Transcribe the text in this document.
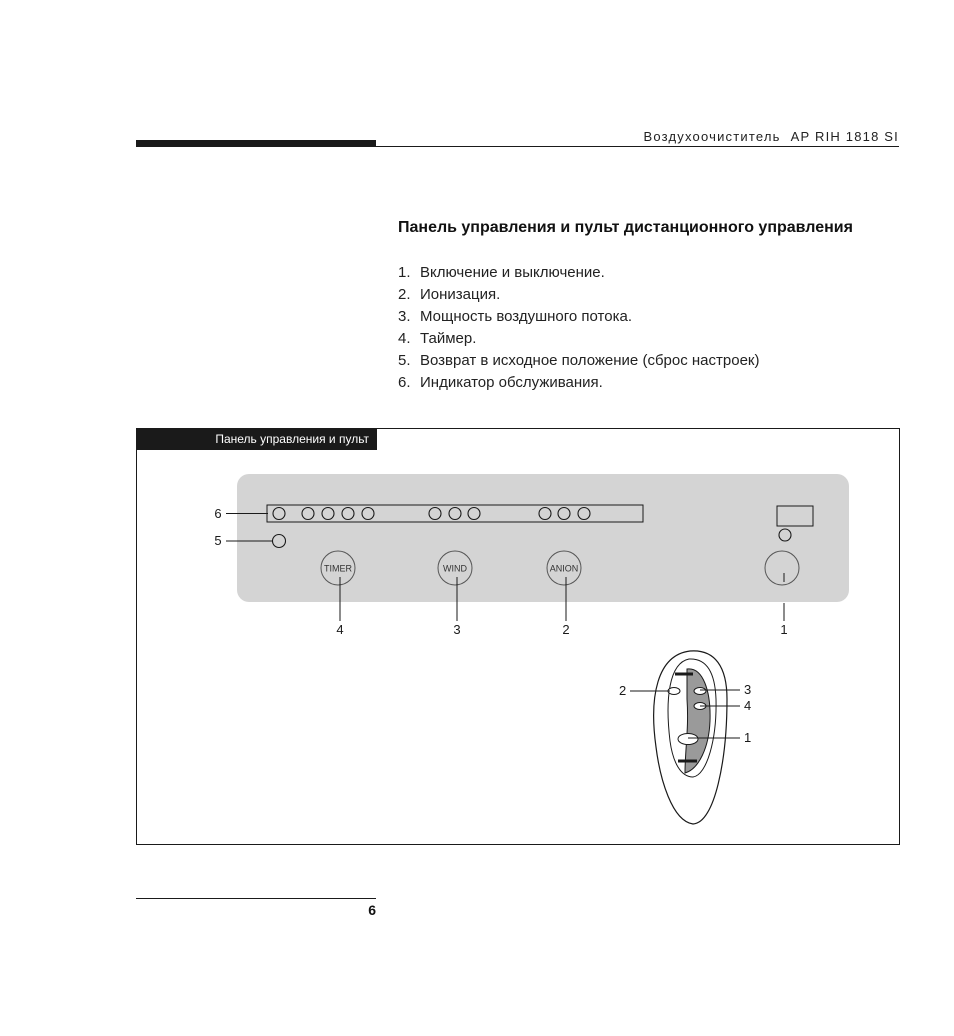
Воздухоочиститель AP RIH 1818 SI
Панель управления и пульт дистанционного управления
1. Включение и выключение.
2. Ионизация.
3. Мощность воздушного потока.
4. Таймер.
5. Возврат в исходное положение (сброс настроек)
6. Индикатор обслуживания.
Панель управления и пульт
TIMER	WIND	ANION
6
5
4	3	2	1
2	3
4
1
6
